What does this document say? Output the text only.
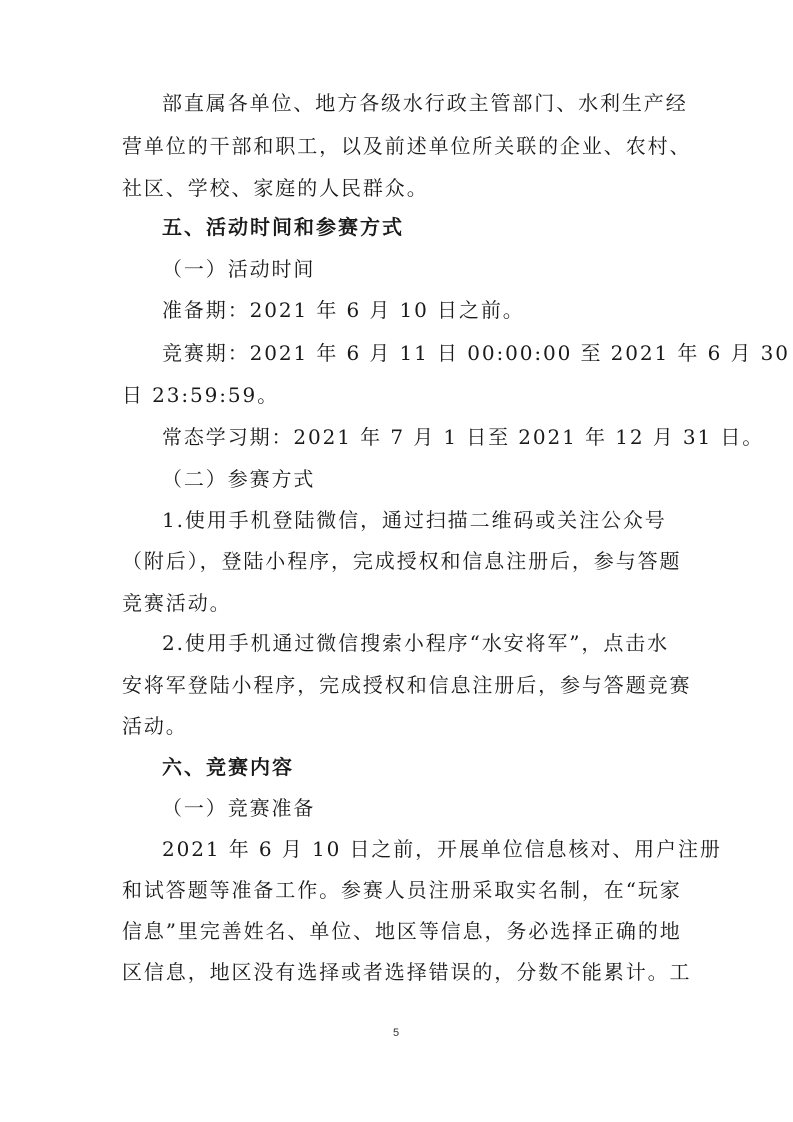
部直属各单位、地方各级水行政主管部门、水利生产经
营单位的干部和职工，以及前述单位所关联的企业、农村、
社区、学校、家庭的人民群众。
五、活动时间和参赛方式
（一）活动时间
准备期：2021 年 6 月 10 日之前。
竞赛期：2021 年 6 月 11 日 00:00:00 至 2021 年 6 月 30
日 23:59:59。
常态学习期：2021 年 7 月 1 日至 2021 年 12 月 31 日。
（二）参赛方式
1.使用手机登陆微信，通过扫描二维码或关注公众号
（附后），登陆小程序，完成授权和信息注册后，参与答题
竞赛活动。
2.使用手机通过微信搜索小程序“水安将军”，点击水
安将军登陆小程序，完成授权和信息注册后，参与答题竞赛
活动。
六、竞赛内容
（一）竞赛准备
2021 年 6 月 10 日之前，开展单位信息核对、用户注册
和试答题等准备工作。参赛人员注册采取实名制，在“玩家
信息”里完善姓名、单位、地区等信息，务必选择正确的地
区信息，地区没有选择或者选择错误的，分数不能累计。工
5
